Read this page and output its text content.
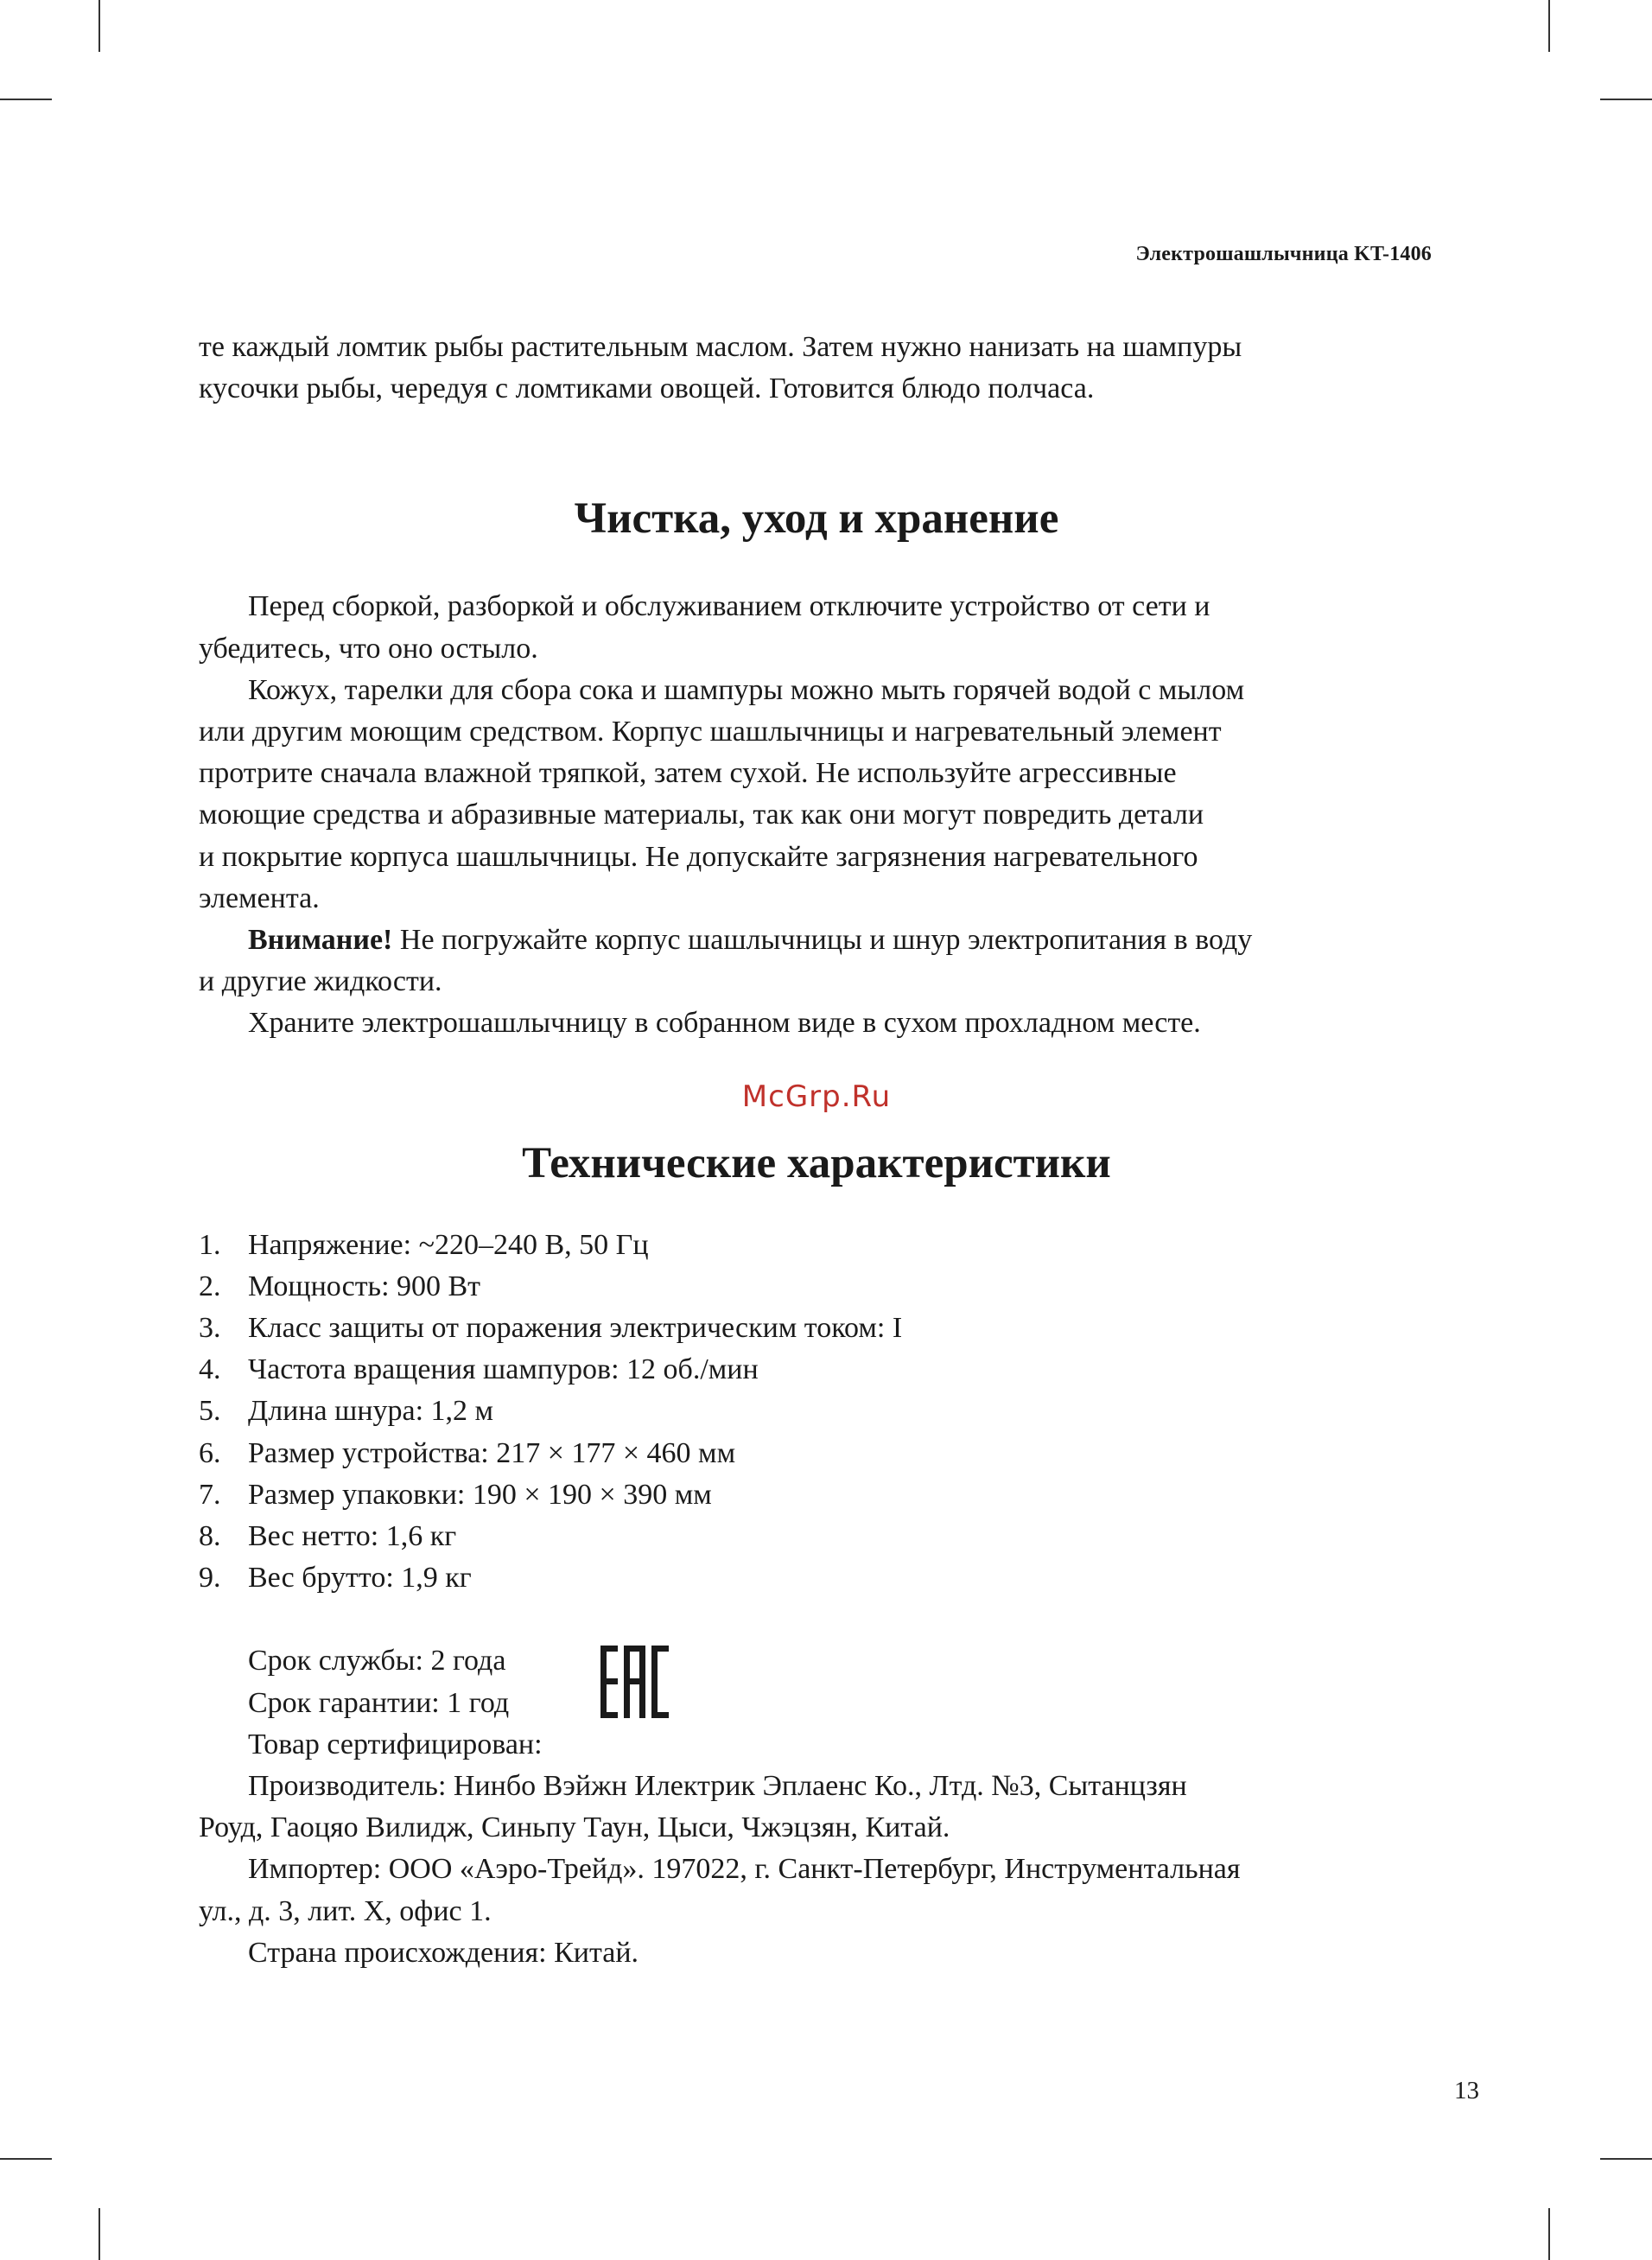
Электрошашлычница KT-1406

те каждый ломтик рыбы растительным маслом. Затем нужно нанизать на шампуры

кусочки рыбы, чередуя с ломтиками овощей. Готовится блюдо полчаса.

Чистка, уход и хранение

Перед сборкой, разборкой и обслуживанием отключите устройство от сети и

убедитесь, что оно остыло.

Кожух, тарелки для сбора сока и шампуры можно мыть горячей водой с мылом

или другим моющим средством. Корпус шашлычницы и нагревательный элемент

протрите сначала влажной тряпкой, затем сухой. Не используйте агрессивные

моющие средства и абразивные материалы, так как они могут повредить детали

и покрытие корпуса шашлычницы. Не допускайте загрязнения нагревательного

элемента.

Внимание! Не погружайте корпус шашлычницы и шнур электропитания в воду

и другие жидкости.

Храните электрошашлычницу в собранном виде в сухом прохладном месте.

McGrp.Ru
Технические характеристики
1. Напряжение: ~220–240 В, 50 Гц
2. Мощность: 900 Вт
3. Класс защиты от поражения электрическим током: I
4. Частота вращения шампуров: 12 об./мин
5. Длина шнура: 1,2 м
6. Размер устройства: 217 × 177 × 460 мм
7. Размер упаковки: 190 × 190 × 390 мм
8. Вес нетто: 1,6 кг
9. Вес брутто: 1,9 кг

Срок службы: 2 года

Срок гарантии: 1 год

Товар сертифицирован:

Производитель: Нинбо Вэйжн Илектрик Эплаенс Ко., Лтд. №3, Сытанцзян

Роуд, Гаоцяо Вилидж, Синьпу Таун, Цыси, Чжэцзян, Китай.

Импортер: ООО «Аэро-Трейд». 197022, г. Санкт-Петербург, Инструментальная

ул., д. 3, лит. Х, офис 1.

Страна происхождения: Китай.

13
